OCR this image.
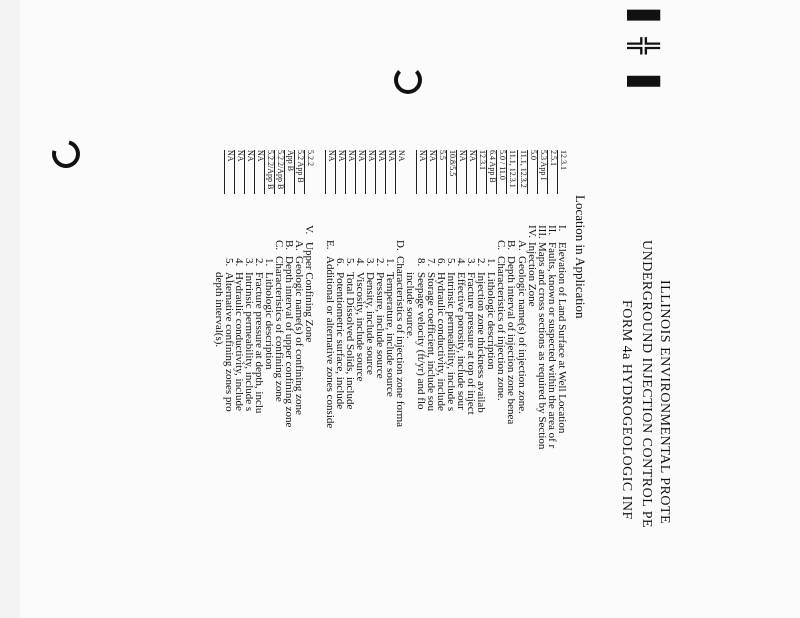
▌╬ ▌
ILLINOIS ENVIRONMENTAL PROTE
UNDERGROUND INJECTION CONTROL PE
FORM 4a HYDROGEOLOGIC INF
Location in Application
12.3.1
I.
Elevation of Land Surface at Well Location
2.5.1
II.
Faults, known or suspected within the area of r
5.3 App I
III.
Maps and cross sections as required by Section
5.0
IV.
Injection Zone
11.1, 12.3.2
A.
Geologic name(s) of injection zone.
11.1, 12.3.1
B.
Depth interval of injection zone benea
5.0 / 11.0
C.
Characteristics of injection zone.
6.4 App B
1.
Lithologic description
12.3.1
2.
Injection zone thickness availab
NA
3.
Fracture pressure at top of inject
NA
4.
Effective porosity, include sour
10.8/5.5
5.
Intrinsic permeability, include s
5.5
6.
Hydraulic conductivity, include
NA
7.
Storage coefficient, include sou
NA
8.
Seepage velocity (ft/yr) and flo
include source.
NA
D.
Characteristics of injection zone forma
NA
1.
Temperature, include source
NA
2.
Pressure, include source
NA
3.
Density, include source
NA
4.
Viscosity, include source
NA
5.
Total Dissolved Solids, include
NA
6.
Potentiometric surface, include
NA
E.
Additional or alternative zones conside
5.2.2
V.
Upper Confining Zone
5.2 App B
A.
Geologic name(s) of confining zone
App B
B.
Depth interval of upper confining zone
5.2.2/App B
C.
Characteristics of confining zone
5.2.2/App B
1.
Lithologic description
NA
2.
Fracture pressure at depth, inclu
NA
3.
Intrinsic permeability, include s
NA
4.
Hydraulic conductivity, include
NA
5.
Alternative confining zones pro
depth interval(s).
